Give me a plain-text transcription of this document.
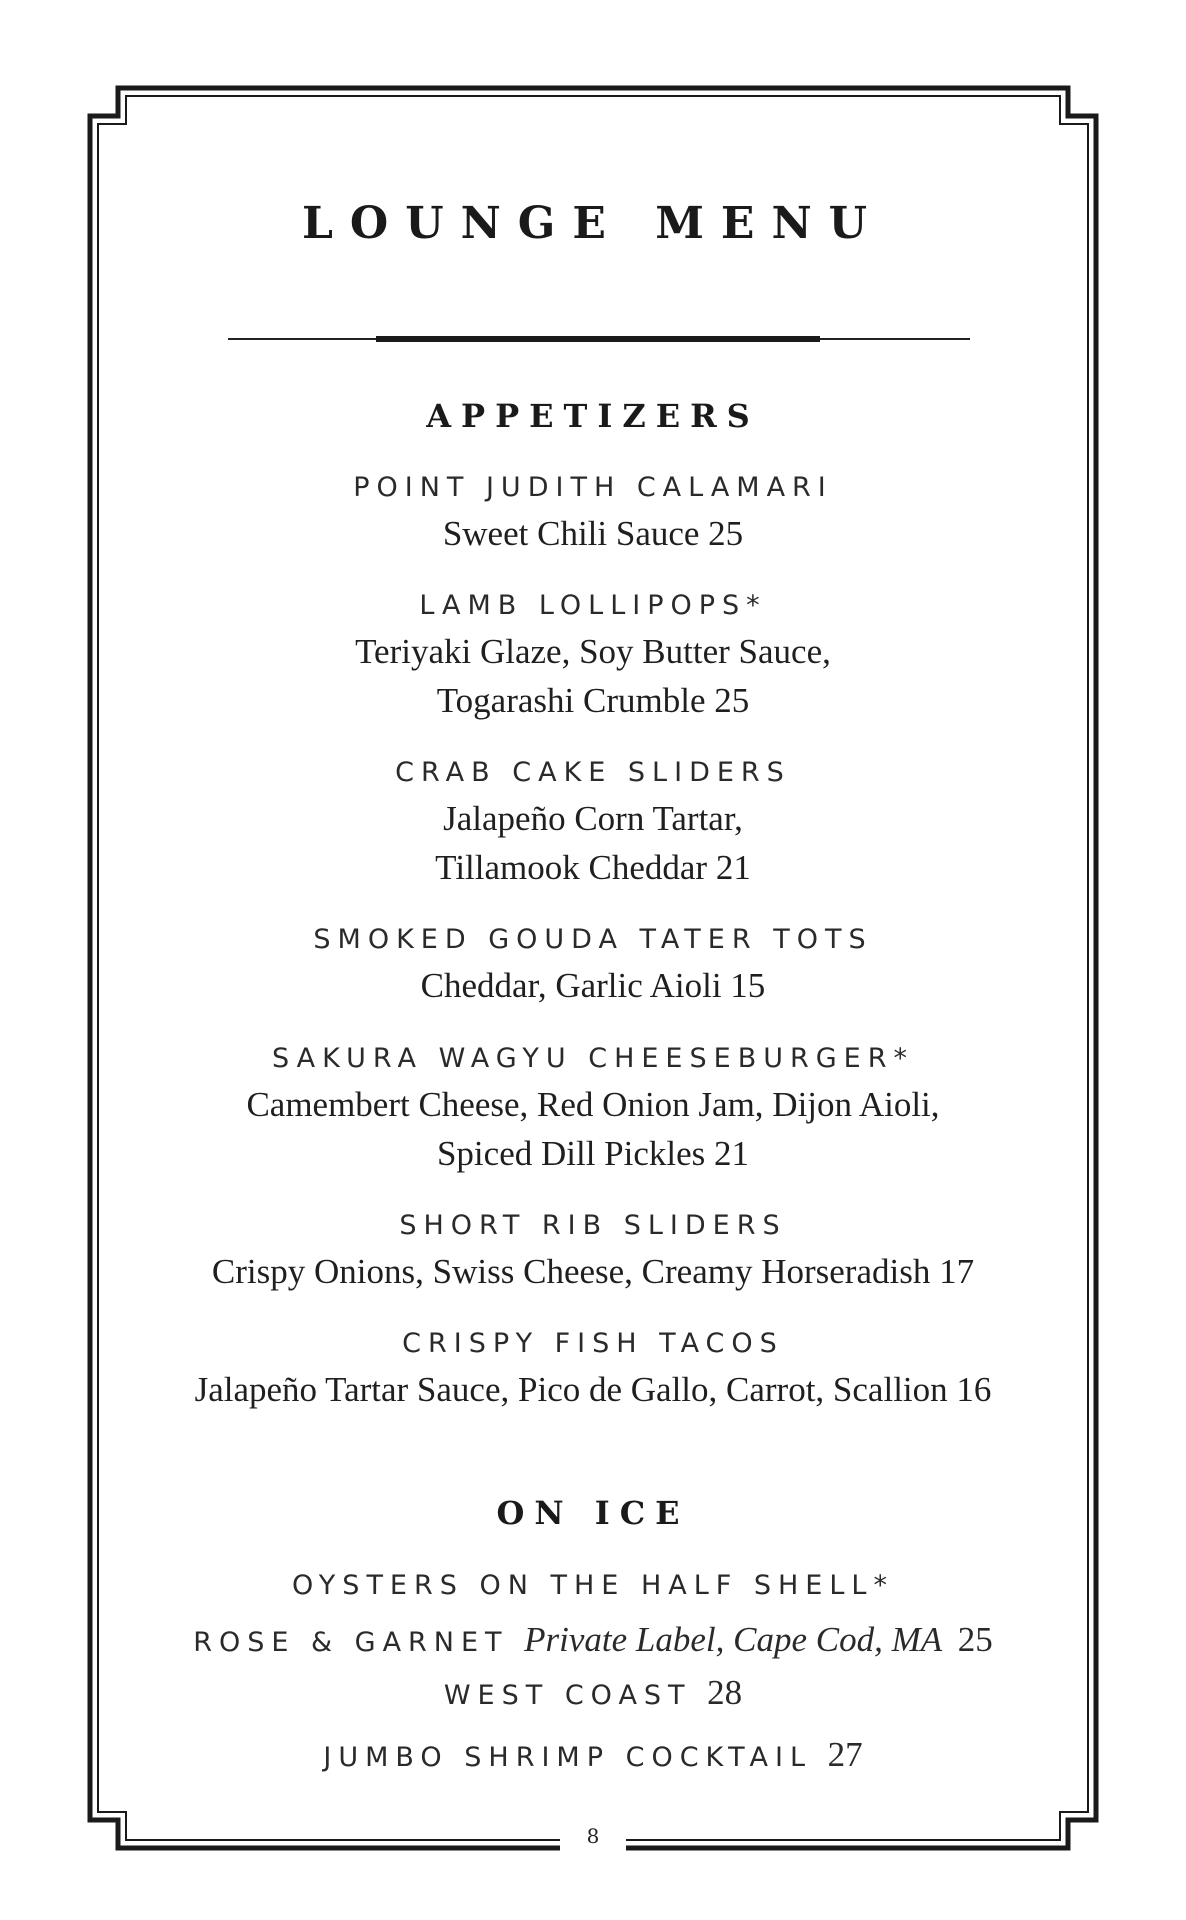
8
LOUNGE MENU
APPETIZERS
POINT JUDITH CALAMARI
Sweet Chili Sauce 25
LAMB LOLLIPOPS*
Teriyaki Glaze, Soy Butter Sauce,
Togarashi Crumble 25
CRAB CAKE SLIDERS
Jalapeño Corn Tartar,
Tillamook Cheddar 21
SMOKED GOUDA TATER TOTS
Cheddar, Garlic Aioli 15
SAKURA WAGYU CHEESEBURGER*
Camembert Cheese, Red Onion Jam, Dijon Aioli,
Spiced Dill Pickles 21
SHORT RIB SLIDERS
Crispy Onions, Swiss Cheese, Creamy Horseradish 17
CRISPY FISH TACOS
Jalapeño Tartar Sauce, Pico de Gallo, Carrot, Scallion 16
ON ICE
OYSTERS ON THE HALF SHELL*
ROSE & GARNET Private Label, Cape Cod, MA 25
WEST COAST 28
JUMBO SHRIMP COCKTAIL 27
